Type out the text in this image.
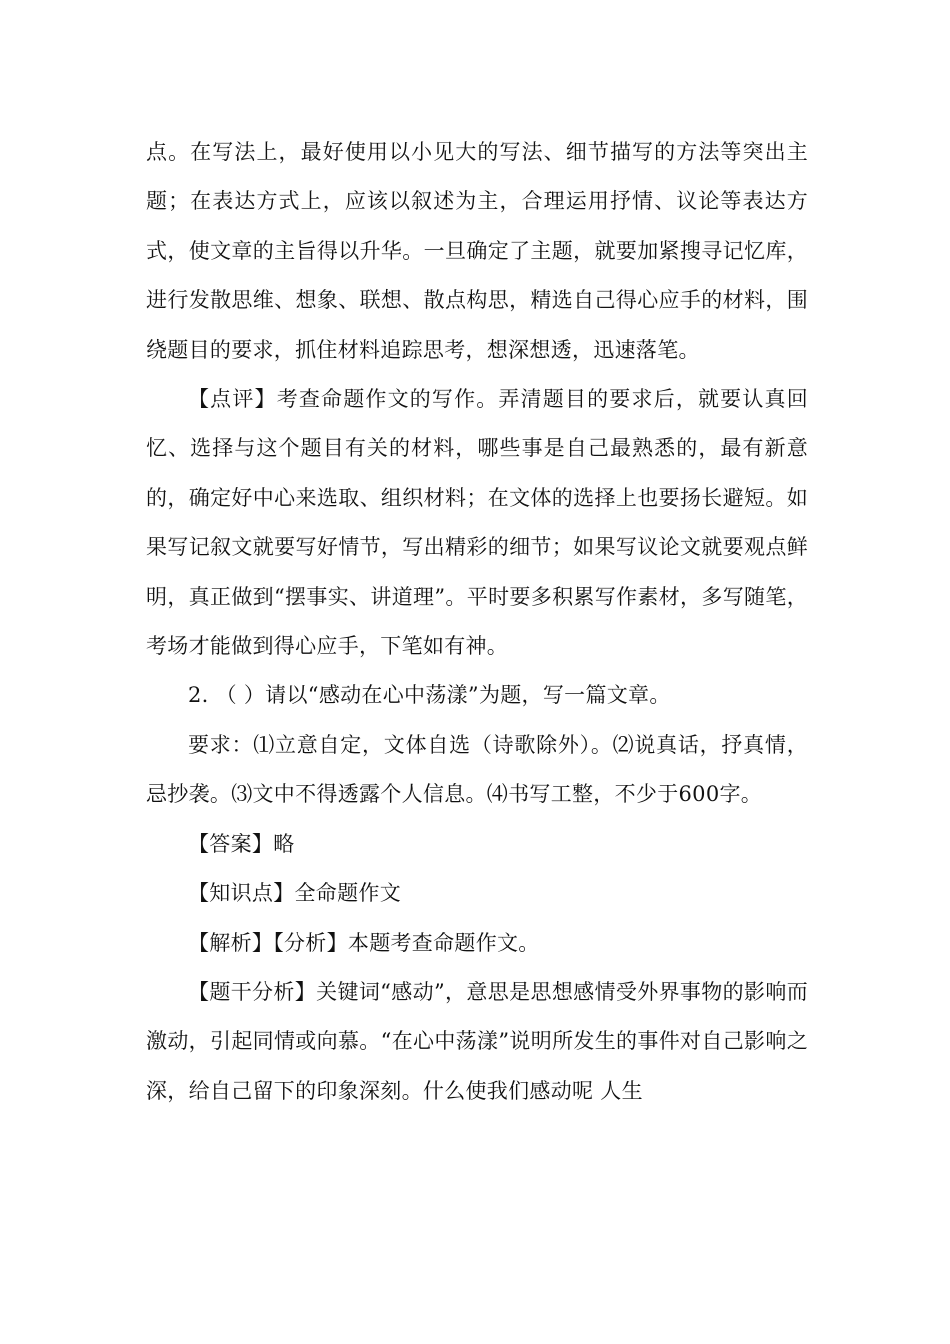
点。在写法上，最好使用以小见大的写法、细节描写的方法等突出主题；在表达方式上，应该以叙述为主，合理运用抒情、议论等表达方式，使文章的主旨得以升华。一旦确定了主题，就要加紧搜寻记忆库，进行发散思维、想象、联想、散点构思，精选自己得心应手的材料，围绕题目的要求，抓住材料追踪思考，想深想透，迅速落笔。

【点评】考查命题作文的写作。弄清题目的要求后，就要认真回忆、选择与这个题目有关的材料，哪些事是自己最熟悉的，最有新意的，确定好中心来选取、组织材料；在文体的选择上也要扬长避短。如果写记叙文就要写好情节，写出精彩的细节；如果写议论文就要观点鲜明，真正做到“摆事实、讲道理”。平时要多积累写作素材，多写随笔，考场才能做到得心应手，下笔如有神。

2. （ ）请以“感动在心中荡漾”为题，写一篇文章。

要求：⑴立意自定，文体自选（诗歌除外）。⑵说真话，抒真情，忌抄袭。⑶文中不得透露个人信息。⑷书写工整，不少于600字。

【答案】略

【知识点】全命题作文

【解析】【分析】本题考查命题作文。

【题干分析】关键词“感动”，意思是思想感情受外界事物的影响而激动，引起同情或向慕。“在心中荡漾”说明所发生的事件对自己影响之深，给自己留下的印象深刻。什么使我们感动呢 人生
